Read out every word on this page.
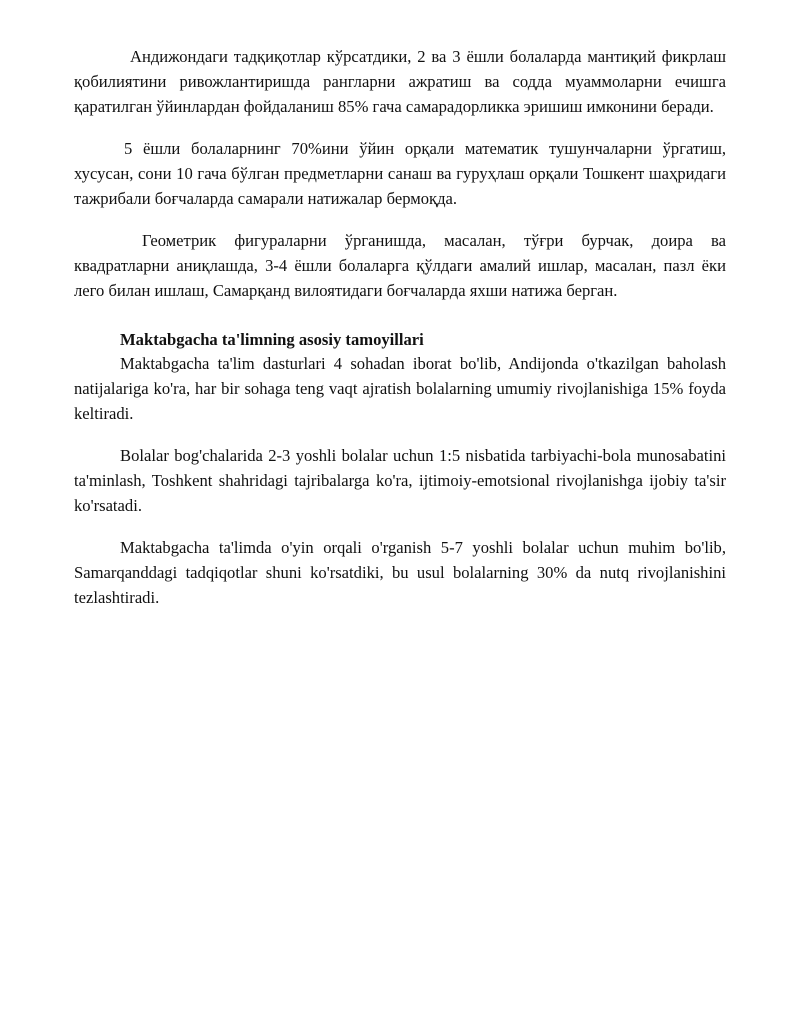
Андижондаги тадқиқотлар кўрсатдики, 2 ва 3 ёшли болаларда мантиқий фикрлаш қобилиятини ривожлантиришда рангларни ажратиш ва содда муаммоларни ечишга қаратилган ўйинлардан фойдаланиш 85% гача самарадорликка эришиш имконини беради.

5 ёшли болаларнинг 70%ини ўйин орқали математик тушунчаларни ўргатиш, хусусан, сони 10 гача бўлган предметларни санаш ва гуруҳлаш орқали Тошкент шаҳридаги тажрибали боғчаларда самарали натижалар бермоқда.

Геометрик фигураларни ўрганишда, масалан, тўғри бурчак, доира ва квадратларни аниқлашда, 3-4 ёшли болаларга қўлдаги амалий ишлар, масалан, пазл ёки лего билан ишлаш, Самарқанд вилоятидаги боғчаларда яхши натижа берган.

Maktabgacha ta'limning asosiy tamoyillari

Maktabgacha ta'lim dasturlari 4 sohadan iborat bo'lib, Andijonda o'tkazilgan baholash natijalariga ko'ra, har bir sohaga teng vaqt ajratish bolalarning umumiy rivojlanishiga 15% foyda keltiradi.

Bolalar bog'chalarida 2-3 yoshli bolalar uchun 1:5 nisbatida tarbiyachi-bola munosabatini ta'minlash, Toshkent shahridagi tajribalarga ko'ra, ijtimoiy-emotsional rivojlanishga ijobiy ta'sir ko'rsatadi.

Maktabgacha ta'limda o'yin orqali o'rganish 5-7 yoshli bolalar uchun muhim bo'lib, Samarqanddagi tadqiqotlar shuni ko'rsatdiki, bu usul bolalarning 30% da nutq rivojlanishini tezlashtiradi.
